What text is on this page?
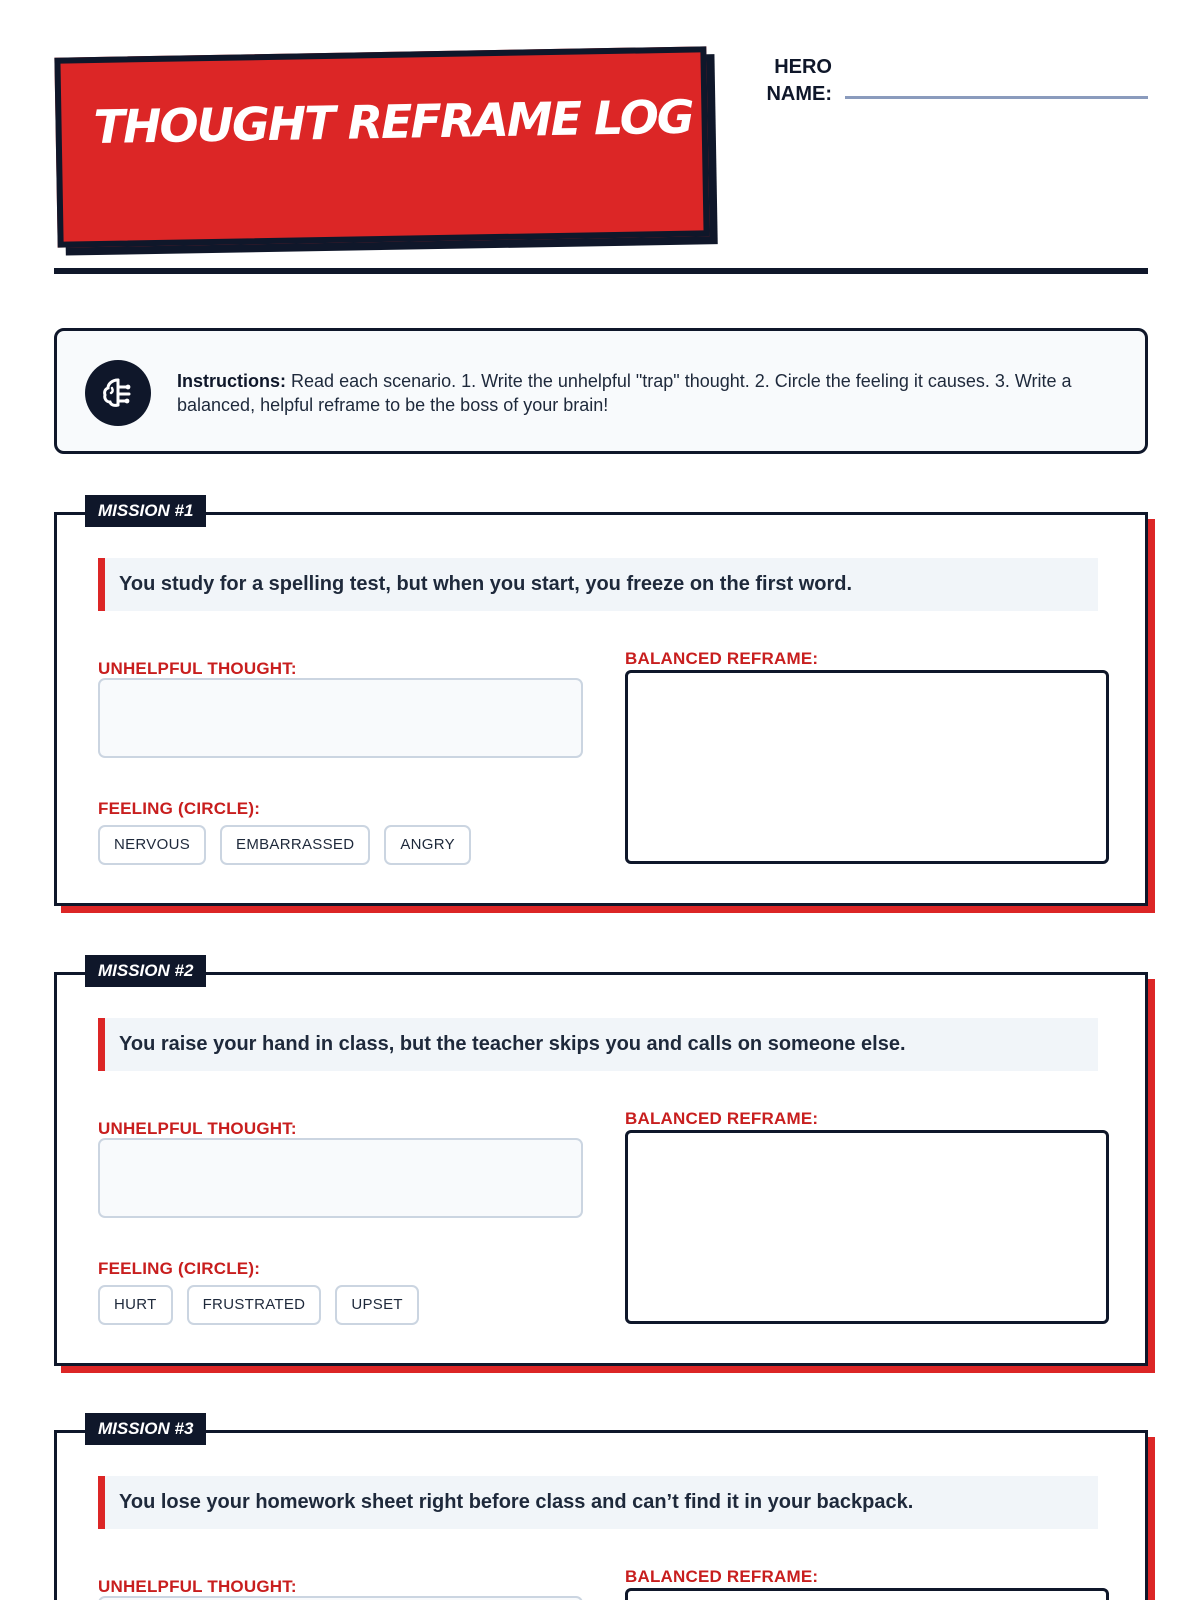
THOUGHT REFRAME LOG
HERO NAME:
Instructions: Read each scenario. 1. Write the unhelpful "trap" thought. 2. Circle the feeling it causes. 3. Write a balanced, helpful reframe to be the boss of your brain!
MISSION #1
You study for a spelling test, but when you start, you freeze on the first word.
UNHELPFUL THOUGHT:
FEELING (CIRCLE):
NERVOUS	EMBARRASSED	ANGRY
BALANCED REFRAME:
MISSION #2
You raise your hand in class, but the teacher skips you and calls on someone else.
UNHELPFUL THOUGHT:
FEELING (CIRCLE):
HURT	FRUSTRATED	UPSET
BALANCED REFRAME:
MISSION #3
You lose your homework sheet right before class and can’t find it in your backpack.
UNHELPFUL THOUGHT:
BALANCED REFRAME:
